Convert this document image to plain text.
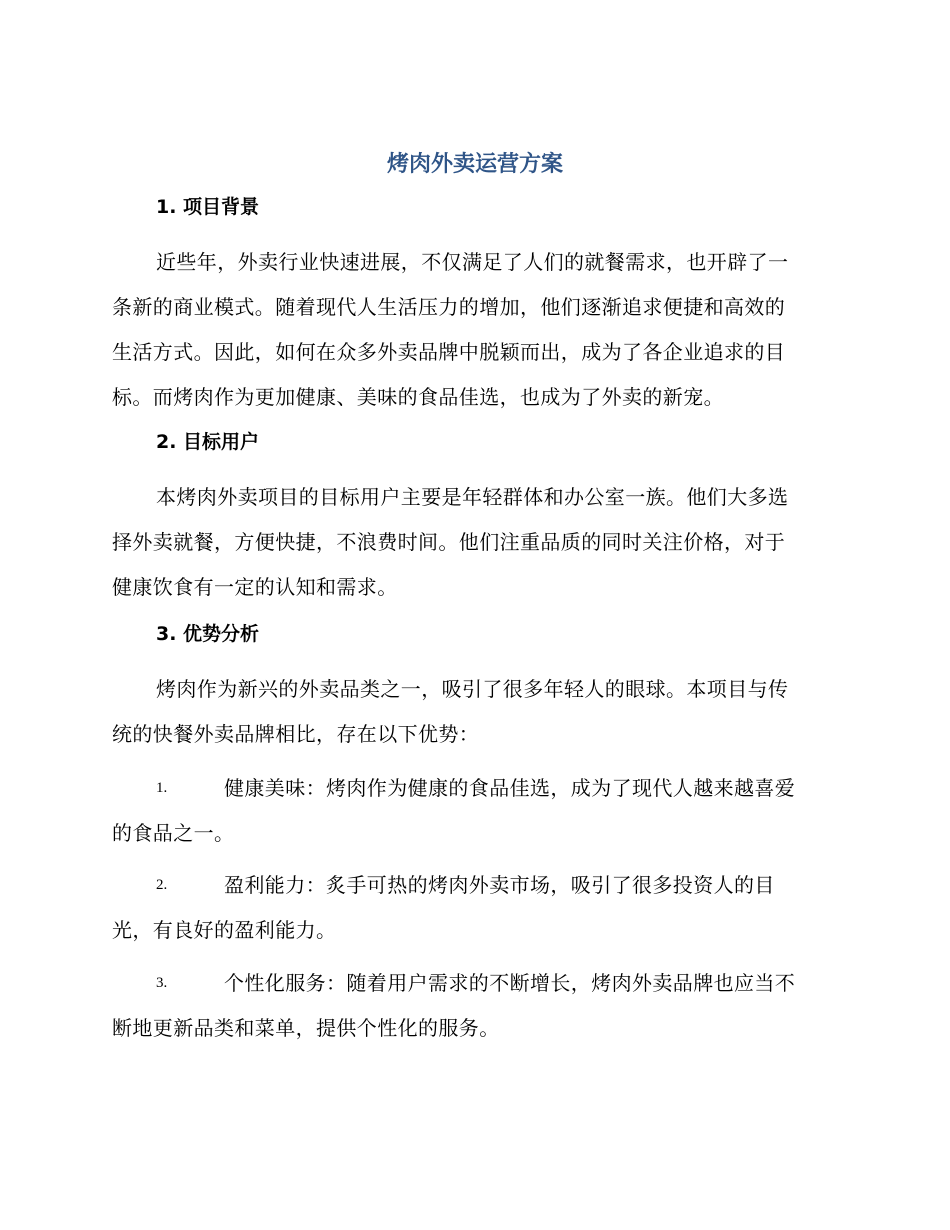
烤肉外卖运营方案
1. 项目背景
近些年，外卖行业快速进展，不仅满足了人们的就餐需求，也开辟了一
条新的商业模式。随着现代人生活压力的增加，他们逐渐追求便捷和高效的
生活方式。因此，如何在众多外卖品牌中脱颖而出，成为了各企业追求的目
标。而烤肉作为更加健康、美味的食品佳选，也成为了外卖的新宠。
2. 目标用户
本烤肉外卖项目的目标用户主要是年轻群体和办公室一族。他们大多选
择外卖就餐，方便快捷，不浪费时间。他们注重品质的同时关注价格，对于
健康饮食有一定的认知和需求。
3. 优势分析
烤肉作为新兴的外卖品类之一，吸引了很多年轻人的眼球。本项目与传
统的快餐外卖品牌相比，存在以下优势：
1.	健康美味：烤肉作为健康的食品佳选，成为了现代人越来越喜爱
的食品之一。
2.	盈利能力：炙手可热的烤肉外卖市场，吸引了很多投资人的目
光，有良好的盈利能力。
3.	个性化服务：随着用户需求的不断增长，烤肉外卖品牌也应当不
断地更新品类和菜单，提供个性化的服务。
